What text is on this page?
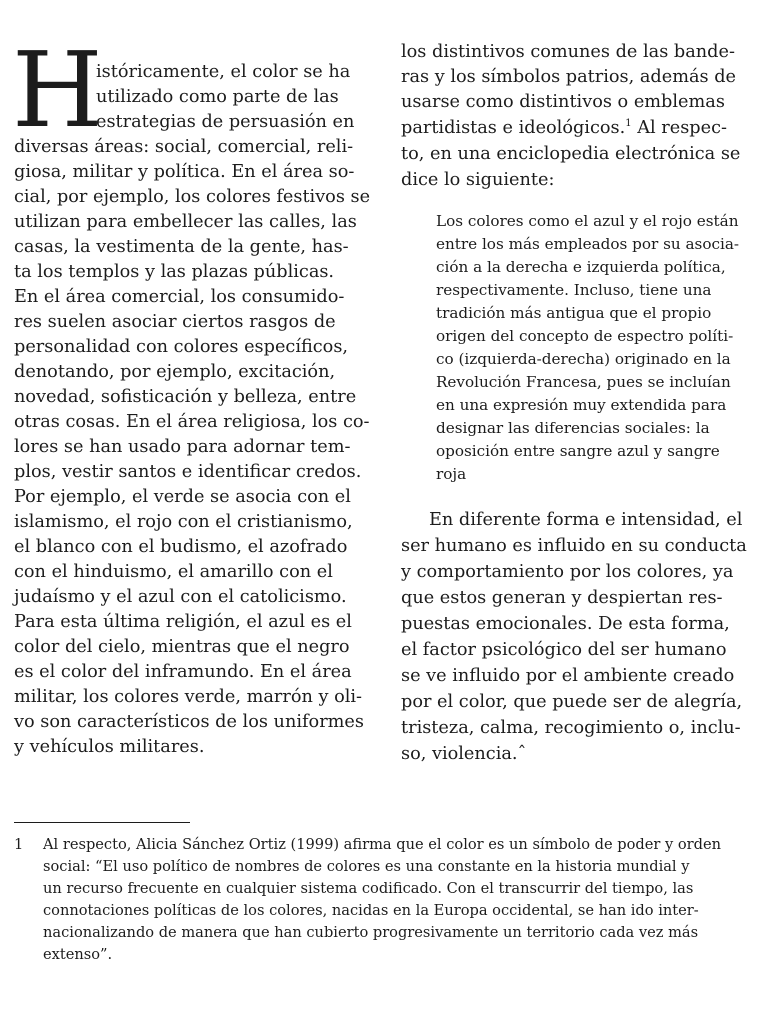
H
istóricamente, el color se ha
utilizado como parte de las
estrategias de persuasión en
diversas áreas: social, comercial, reli-
giosa, militar y política. En el área so-
cial, por ejemplo, los colores festivos se
utilizan para embellecer las calles, las
casas, la vestimenta de la gente, has-
ta los templos y las plazas públicas.
En el área comercial, los consumido-
res suelen asociar ciertos rasgos de
personalidad con colores específicos,
denotando, por ejemplo, excitación,
novedad, sofisticación y belleza, entre
otras cosas. En el área religiosa, los co-
lores se han usado para adornar tem-
plos, vestir santos e identificar credos.
Por ejemplo, el verde se asocia con el
islamismo, el rojo con el cristianismo,
el blanco con el budismo, el azofrado
con el hinduismo, el amarillo con el
judaísmo y el azul con el catolicismo.
Para esta última religión, el azul es el
color del cielo, mientras que el negro
es el color del inframundo. En el área
militar, los colores verde, marrón y oli-
vo son característicos de los uniformes
y vehículos militares.
los distintivos comunes de las bande-
ras y los símbolos patrios, además de
usarse como distintivos o emblemas
partidistas e ideológicos.$^1$ Al respec-
to, en una enciclopedia electrónica se
dice lo siguiente:
Los colores como el azul y el rojo están
entre los más empleados por su asocia-
ción a la derecha e izquierda política,
respectivamente. Incluso, tiene una
tradición más antigua que el propio
origen del concepto de espectro políti-
co (izquierda-derecha) originado en la
Revolución Francesa, pues se incluían
en una expresión muy extendida para
designar las diferencias sociales: la
oposición entre sangre azul y sangre
roja
En diferente forma e intensidad, el
ser humano es influido en su conducta
y comportamiento por los colores, ya
que estos generan y despiertan res-
puestas emocionales. De esta forma,
el factor psicológico del ser humano
se ve influido por el ambiente creado
por el color, que puede ser de alegría,
tristeza, calma, recogimiento o, inclu-
so, violencia.ˆ
1 Al respecto, Alicia Sánchez Ortiz (1999) afirma que el color es un símbolo de poder y orden
social: “El uso político de nombres de colores es una constante en la historia mundial y
un recurso frecuente en cualquier sistema codificado. Con el transcurrir del tiempo, las
connotaciones políticas de los colores, nacidas en la Europa occidental, se han ido inter-
nacionalizando de manera que han cubierto progresivamente un territorio cada vez más
extenso”.
